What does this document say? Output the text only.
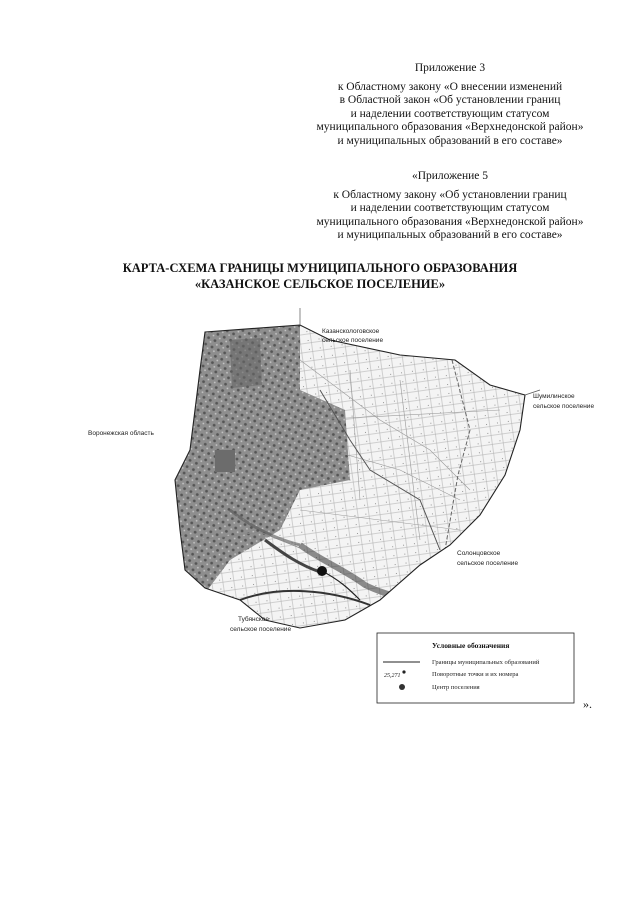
Приложение 3
к Областному закону «О внесении изменений
в Областной закон «Об установлении границ
и наделении соответствующим статусом
муниципального образования «Верхнедонской район»
и муниципальных образований в его составе»
«Приложение 5
к Областному закону «Об установлении границ
и наделении соответствующим статусом
муниципального образования «Верхнедонской район»
и муниципальных образований в его составе»
КАРТА-СХЕМА ГРАНИЦЫ МУНИЦИПАЛЬНОГО ОБРАЗОВАНИЯ
«КАЗАНСКОЕ СЕЛЬСКОЕ ПОСЕЛЕНИЕ»
Казанскологовское
сельское поселение
Шумилинское
сельское поселение
Воронежская область
Солонцовское
сельское поселение
Тубянское
сельское поселение
Условные обозначения
Границы муниципальных образований
25,271	Поворотные точки и их номера
Центр поселения
».
